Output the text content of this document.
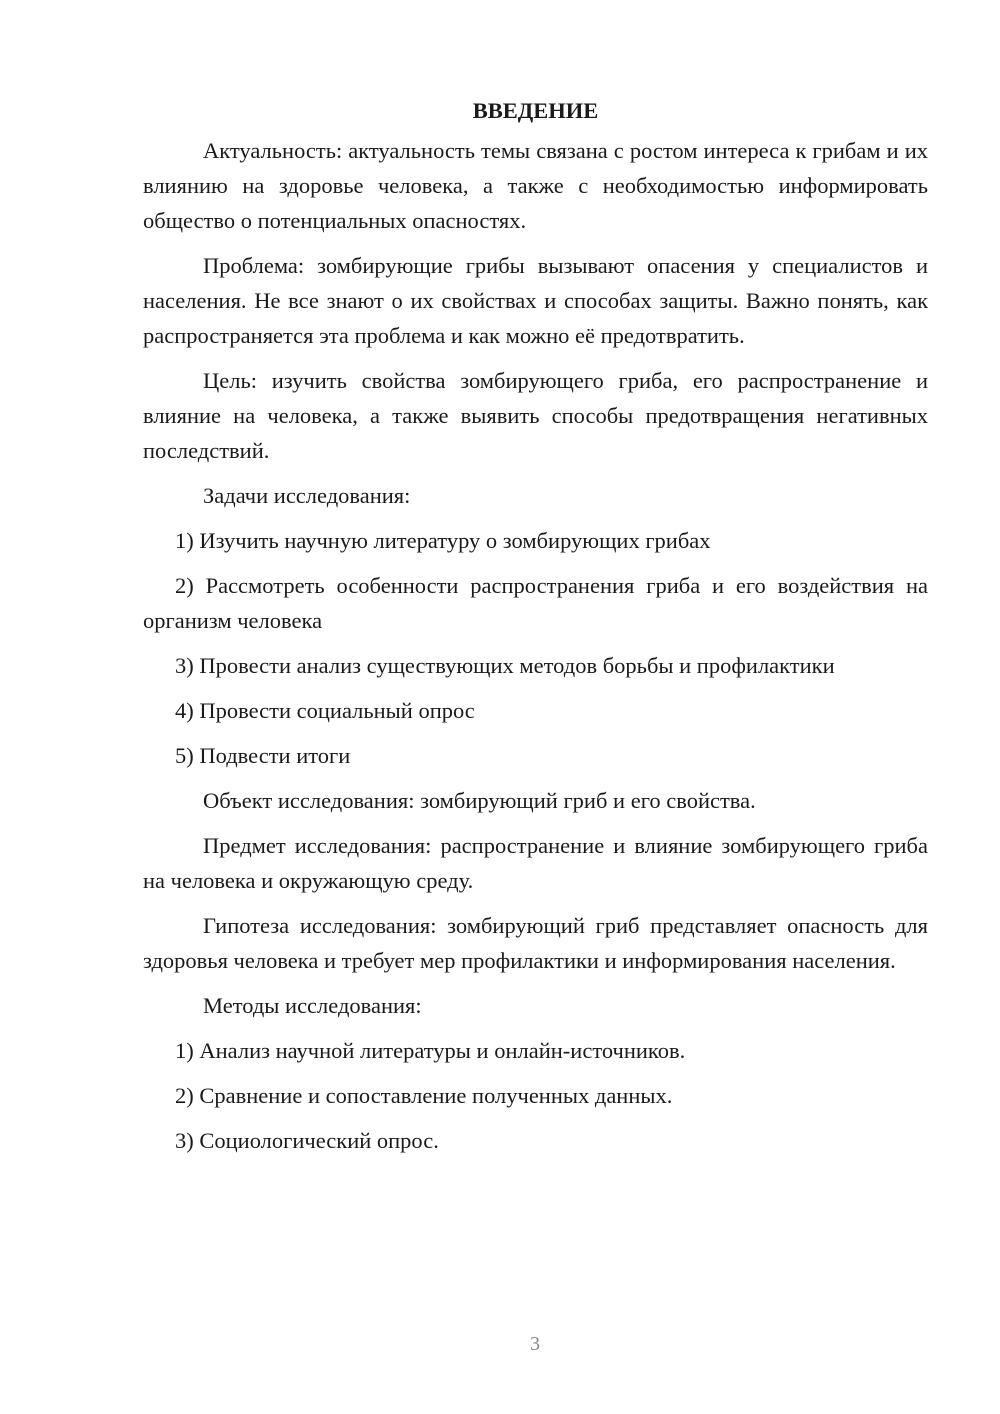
ВВЕДЕНИЕ

Актуальность: актуальность темы связана с ростом интереса к грибам и их влиянию на здоровье человека, а также с необходимостью информировать общество о потенциальных опасностях.

Проблема: зомбирующие грибы вызывают опасения у специалистов и населения. Не все знают о их свойствах и способах защиты. Важно понять, как распространяется эта проблема и как можно её предотвратить.

Цель: изучить свойства зомбирующего гриба, его распространение и влияние на человека, а также выявить способы предотвращения негативных последствий.

Задачи исследования:

1) Изучить научную литературу о зомбирующих грибах

2) Рассмотреть особенности распространения гриба и его воздействия на организм человека

3) Провести анализ существующих методов борьбы и профилактики

4) Провести социальный опрос

5) Подвести итоги

Объект исследования: зомбирующий гриб и его свойства.

Предмет исследования: распространение и влияние зомбирующего гриба на человека и окружающую среду.

Гипотеза исследования: зомбирующий гриб представляет опасность для здоровья человека и требует мер профилактики и информирования населения.

Методы исследования:

1) Анализ научной литературы и онлайн-источников.

2) Сравнение и сопоставление полученных данных.

3) Социологический опрос.

3
